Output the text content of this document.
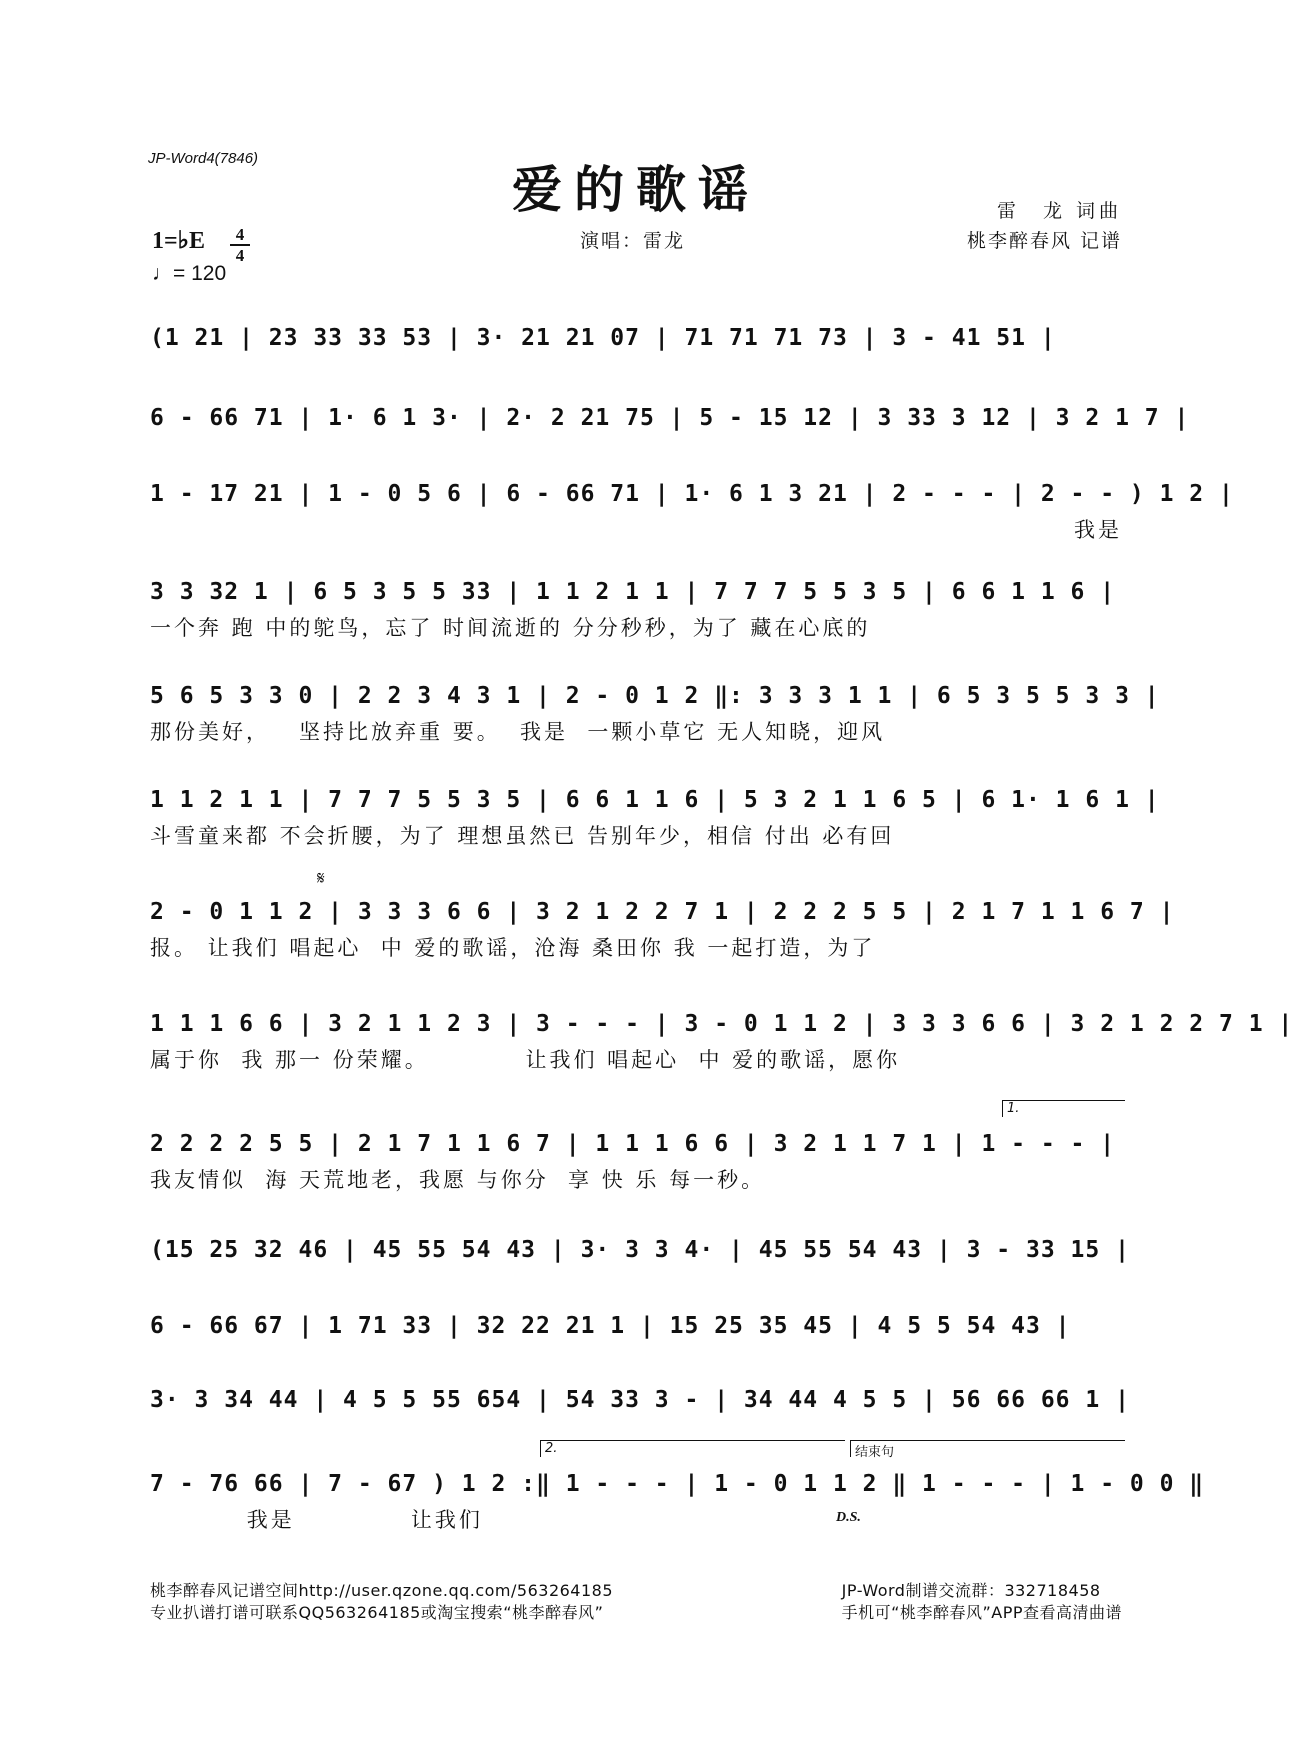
JP-Word4(7846)
爱的歌谣	雷　龙 词曲
演唱：雷龙	桃李醉春风 记谱
1=♭E	4
4
♩= 120
𝄋
1.
2.	结束句
D.S.
(1 21 | 23 33 33 53 | 3· 21 21 07 | 71 71 71 73 | 3 - 41 51 |
6 - 66 71 | 1· 6 1 3· | 2· 2 21 75 | 5 - 15 12 | 3 33 3 12 | 3 2 1 7 |
1 - 17 21 | 1 - 0 5 6 | 6 - 66 71 | 1· 6 1 3 21 | 2 - - - | 2 - - ) 1 2 |
我是
3 3 32 1 | 6 5 3 5 5 33 | 1 1 2 1 1 | 7 7 7 5 5 3 5 | 6 6 1 1 6 |
一个奔 跑 中的鸵鸟，忘了 时间流逝的 分分秒秒，为了 藏在心底的
5 6 5 3 3 0 | 2 2 3 4 3 1 | 2 - 0 1 2 ‖: 3 3 3 1 1 | 6 5 3 5 5 3 3 |
那份美好，   坚持比放弃重 要。  我是  一颗小草它 无人知晓，迎风
1 1 2 1 1 | 7 7 7 5 5 3 5 | 6 6 1 1 6 | 5 3 2 1 1 6 5 | 6 1· 1 6 1 |
斗雪童来都 不会折腰，为了 理想虽然已 告别年少，相信 付出 必有回
2 - 0 1 1 2 | 3 3 3 6 6 | 3 2 1 2 2 7 1 | 2 2 2 5 5 | 2 1 7 1 1 6 7 |
报。 让我们 唱起心  中 爱的歌谣，沧海 桑田你 我 一起打造，为了
1 1 1 6 6 | 3 2 1 1 2 3 | 3 - - - | 3 - 0 1 1 2 | 3 3 3 6 6 | 3 2 1 2 2 7 1 |
属于你  我 那一 份荣耀。          让我们 唱起心  中 爱的歌谣，愿你
2 2 2 2 5 5 | 2 1 7 1 1 6 7 | 1 1 1 6 6 | 3 2 1 1 7 1 | 1 - - - |
我友情似  海 天荒地老，我愿 与你分  享 快 乐 每一秒。
(15 25 32 46 | 45 55 54 43 | 3· 3 3 4· | 45 55 54 43 | 3 - 33 15 |
6 - 66 67 | 1 71 33 | 32 22 21 1 | 15 25 35 45 | 4 5 5 54 43 |
3· 3 34 44 | 4 5 5 55 654 | 54 33 3 - | 34 44 4 5 5 | 56 66 66 1 |
7 - 76 66 | 7 - 67 ) 1 2 :‖ 1 - - - | 1 - 0 1 1 2 ‖ 1 - - - | 1 - 0 0 ‖
我是            让我们
桃李醉春风记谱空间http://user.qzone.qq.com/563264185
专业扒谱打谱可联系QQ563264185或淘宝搜索“桃李醉春风”
JP-Word制谱交流群：332718458
手机可“桃李醉春风”APP查看高清曲谱
